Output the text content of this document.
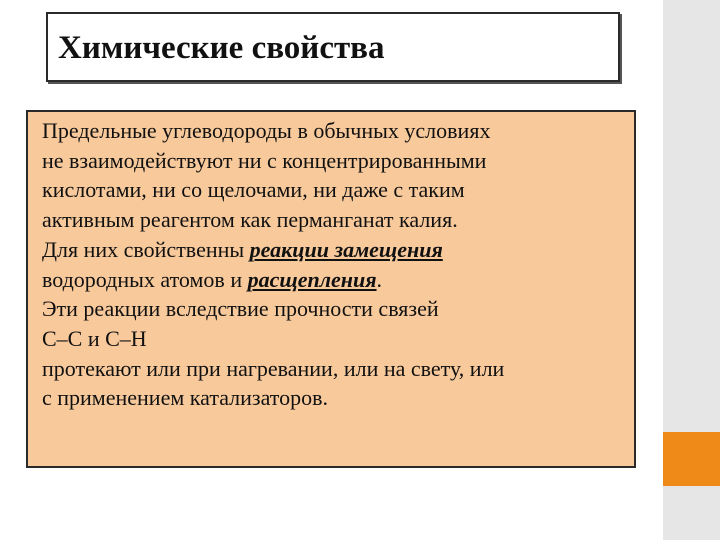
Химические свойства
Предельные углеводороды в обычных условиях
не взаимодействуют ни с концентрированными
кислотами, ни со щелочами, ни даже с таким
активным реагентом как перманганат калия.
Для них свойственны реакции замещения
водородных атомов и расщепления.
Эти реакции вследствие прочности связей
С–С и С–Н
протекают или при нагревании, или на свету, или
с применением катализаторов.
